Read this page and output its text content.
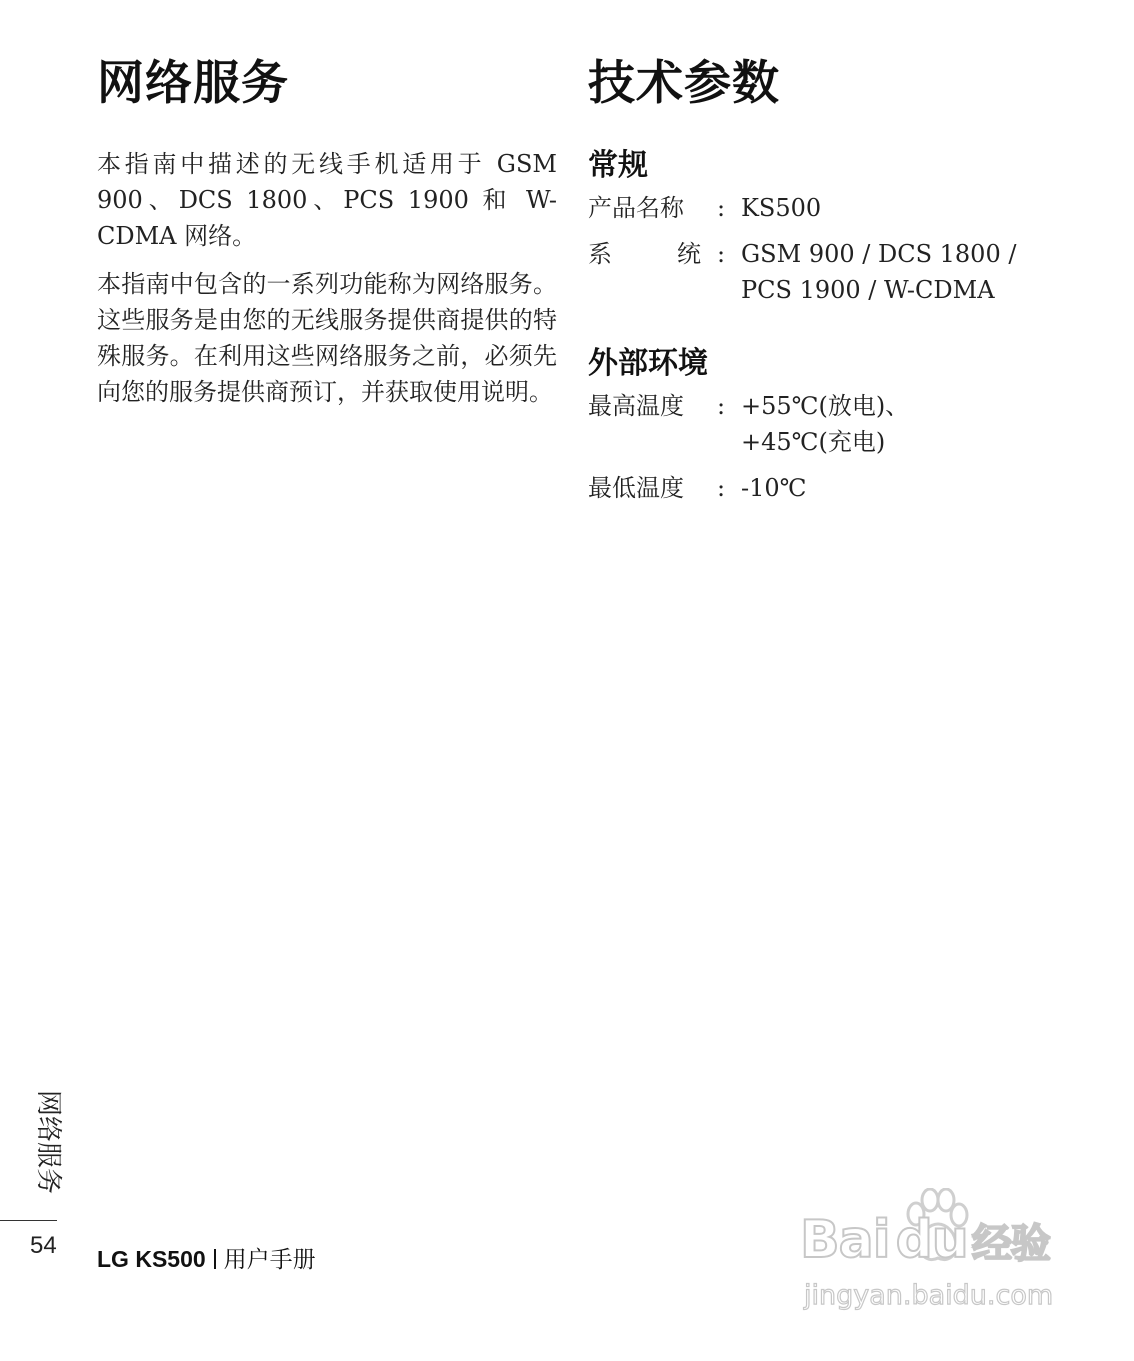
网络服务

本指南中描述的无线手机适用于 GSM 900、DCS 1800、PCS 1900 和 W-CDMA 网络。

本指南中包含的一系列功能称为网络服务。这些服务是由您的无线服务提供商提供的特殊服务。在利用这些网络服务之前，必须先向您的服务提供商预订，并获取使用说明。

技术参数
常规
产品名称	: KS500
系	统 : GSM 900 / DCS 1800 /
PCS 1900 / W-CDMA
外部环境
最高温度	: +55℃(放电)、
+45℃(充电)
最低温度	: -10℃
网络服务
54 LG KS500 用户手册	Bai du 经验
jingyan.baidu.com
